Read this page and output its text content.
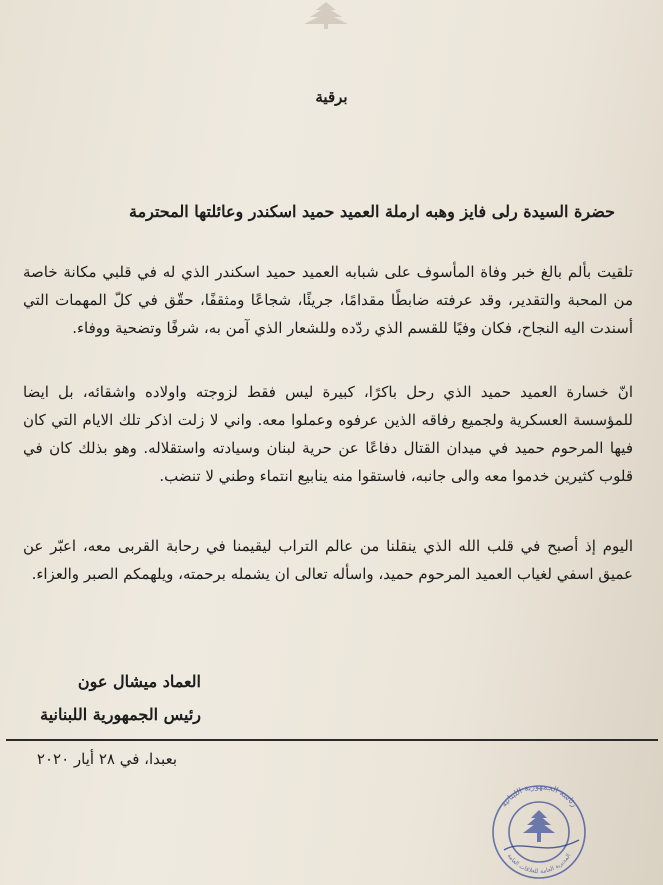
برقية
حضرة السيدة رلى فايز وهبه ارملة العميد حميد اسكندر وعائلتها المحترمة
تلقيت بألم بالغ خبر وفاة المأسوف على شبابه العميد حميد اسكندر الذي له في قلبي مكانة خاصة من المحبة والتقدير، وقد عرفته ضابطًا مقدامًا، جريئًا، شجاعًا ومثقفًا، حقّق في كلّ المهمات التي أسندت اليه النجاح، فكان وفيًا للقسم الذي ردّده وللشعار الذي آمن به، شرفًا وتضحية ووفاء.
انّ خسارة العميد حميد الذي رحل باكرًا، كبيرة ليس فقط لزوجته واولاده واشقائه، بل ايضا للمؤسسة العسكرية ولجميع رفاقه الذين عرفوه وعملوا معه. واني لا زلت اذكر تلك الايام التي كان فيها المرحوم حميد في ميدان القتال دفاعًا عن حرية لبنان وسيادته واستقلاله. وهو بذلك كان في قلوب كثيرين خدموا معه والى جانبه، فاستقوا منه ينابيع انتماء وطني لا تنضب.
اليوم إذ أصبح في قلب الله الذي ينقلنا من عالم التراب ليقيمنا في رحابة القربى معه، اعبّر عن عميق اسفي لغياب العميد المرحوم حميد، واسأله تعالى ان يشمله برحمته، ويلهمكم الصبر والعزاء.
العماد ميشال عون
رئيس الجمهورية اللبنانية
بعبدا، في ٢٨ أيار ٢٠٢٠
رئاسة الجمهورية اللبنانية
المديرية العامة للعلاقات العامة
